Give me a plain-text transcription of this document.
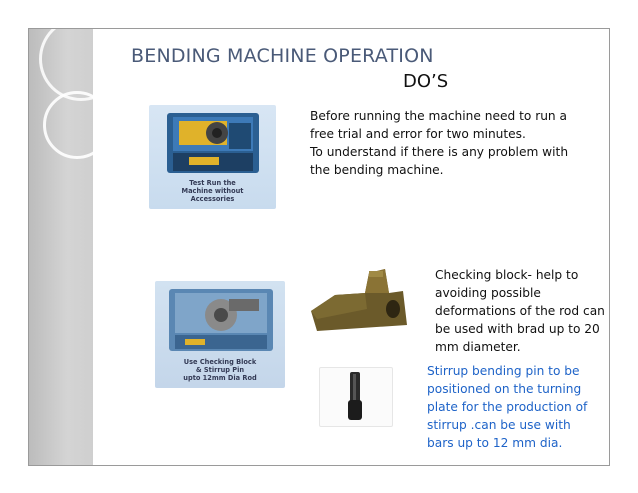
BENDING MACHINE OPERATION
DO’S

Before running the machine need to run a

free trial and error for two minutes.

To understand if there is any problem with

the bending machine.

Test Run the
Machine without
Accessories

Checking block- help to

avoiding possible

deformations of the rod can

be used with brad up to 20

mm diameter.

Use Checking Block
& Stirrup Pin
upto 12mm Dia Rod	Stirrup bending pin to be

positioned on the turning

plate for the production of

stirrup .can be use with

bars up to 12 mm dia.
